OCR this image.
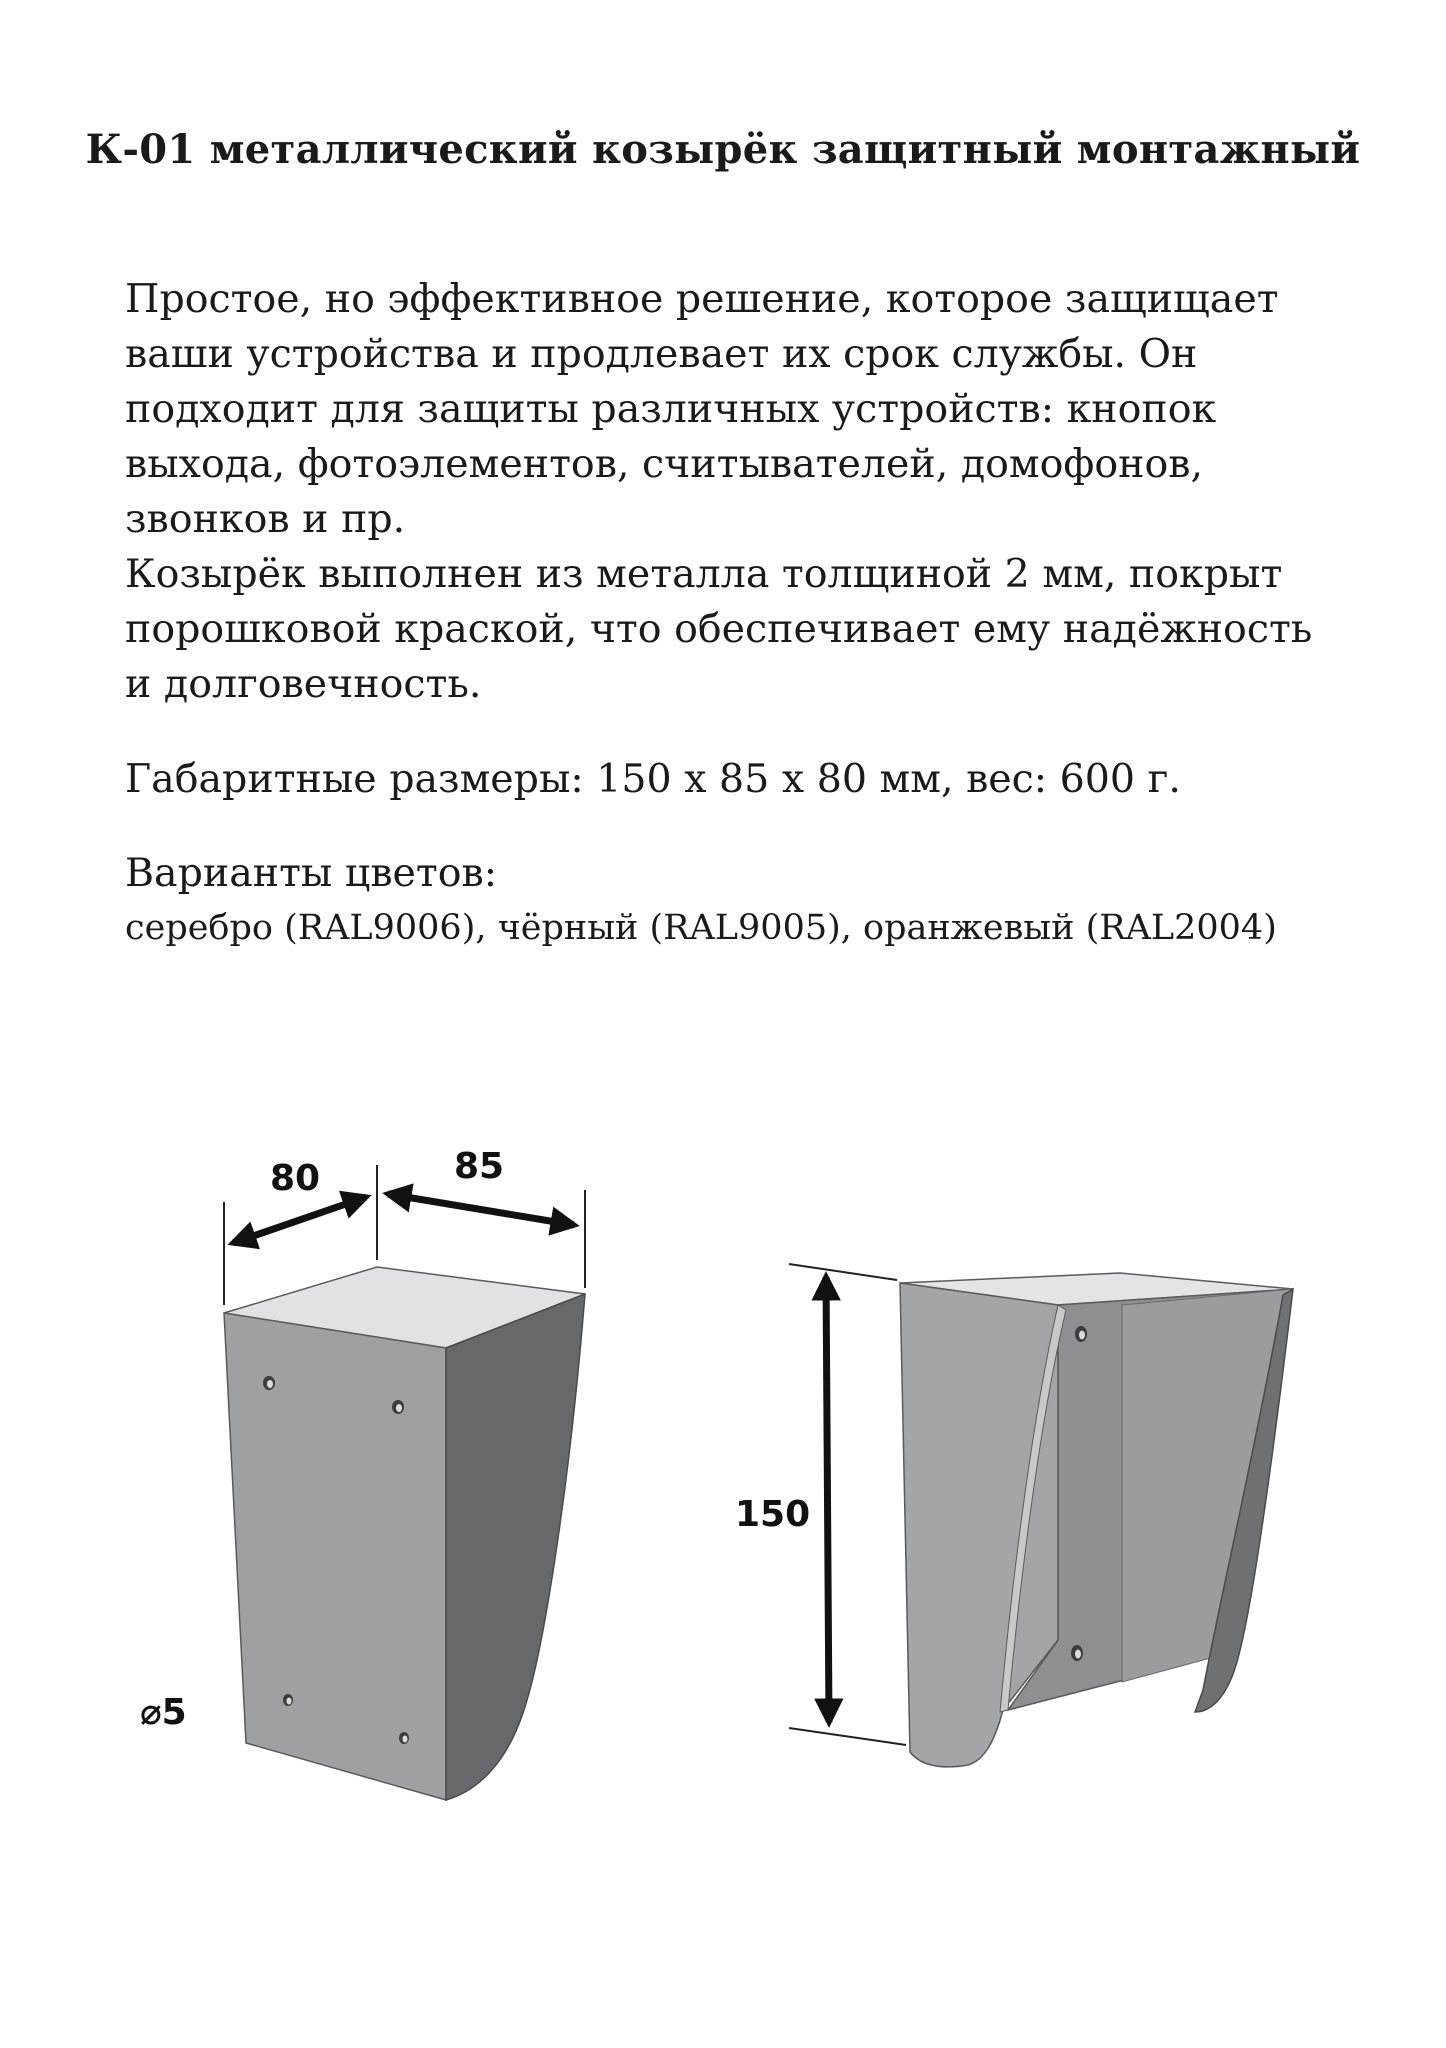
К-01 металлический козырёк защитный монтажный
Простое, но эффективное решение, которое защищает
ваши устройства и продлевает их срок службы. Он
подходит для защиты различных устройств: кнопок
выхода, фотоэлементов, считывателей, домофонов,
звонков и пр.
Козырёк выполнен из металла толщиной 2 мм, покрыт
порошковой краской, что обеспечивает ему надёжность
и долговечность.
Габаритные размеры: 150 х 85 х 80 мм, вес: 600 г.
Варианты цветов:
серебро (RAL9006), чёрный (RAL9005), оранжевый (RAL2004)
80	85
⌀5
150
